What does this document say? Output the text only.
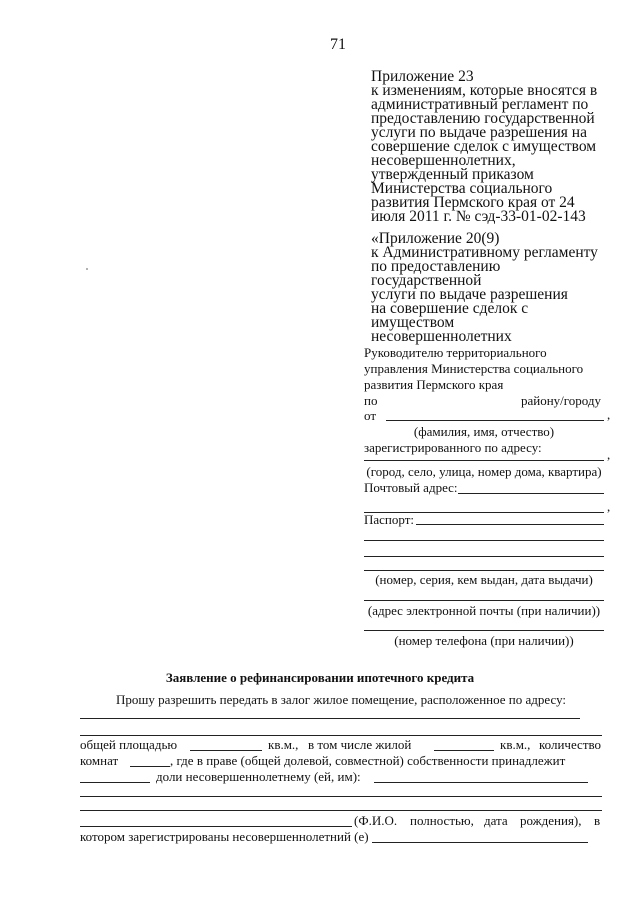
71
Приложение 23
к изменениям, которые вносятся в
административный регламент по
предоставлению государственной
услуги по выдаче разрешения на
совершение сделок с имуществом
несовершеннолетних,
утвержденный приказом
Министерства социального
развития Пермского края от 24
июля 2011 г. № сэд-33-01-02-143
«Приложение 20(9)
к Административному регламенту
по предоставлению
государственной
услуги по выдаче разрешения
на совершение сделок с
имуществом
несовершеннолетних
Руководителю территориального
управления Министерства социального
развития Пермского края
по	району/городу
от	,
(фамилия, имя, отчество)
зарегистрированного по адресу:	,
(город, село, улица, номер дома, квартира)
Почтовый адрес:
,
Паспорт:
(номер, серия, кем выдан, дата выдачи)
(адрес электронной почты (при наличии))
(номер телефона (при наличии))
Заявление о рефинансировании ипотечного кредита
Прошу разрешить передать в залог жилое помещение, расположенное по адресу:
общей площадью	кв.м., в том числе жилой	кв.м., количество
комнат	, где в праве (общей долевой, совместной) собственности принадлежит
доли несовершеннолетнему (ей, им):
(Ф.И.О. полностью, дата рождения), в
котором зарегистрированы несовершеннолетний (е)
